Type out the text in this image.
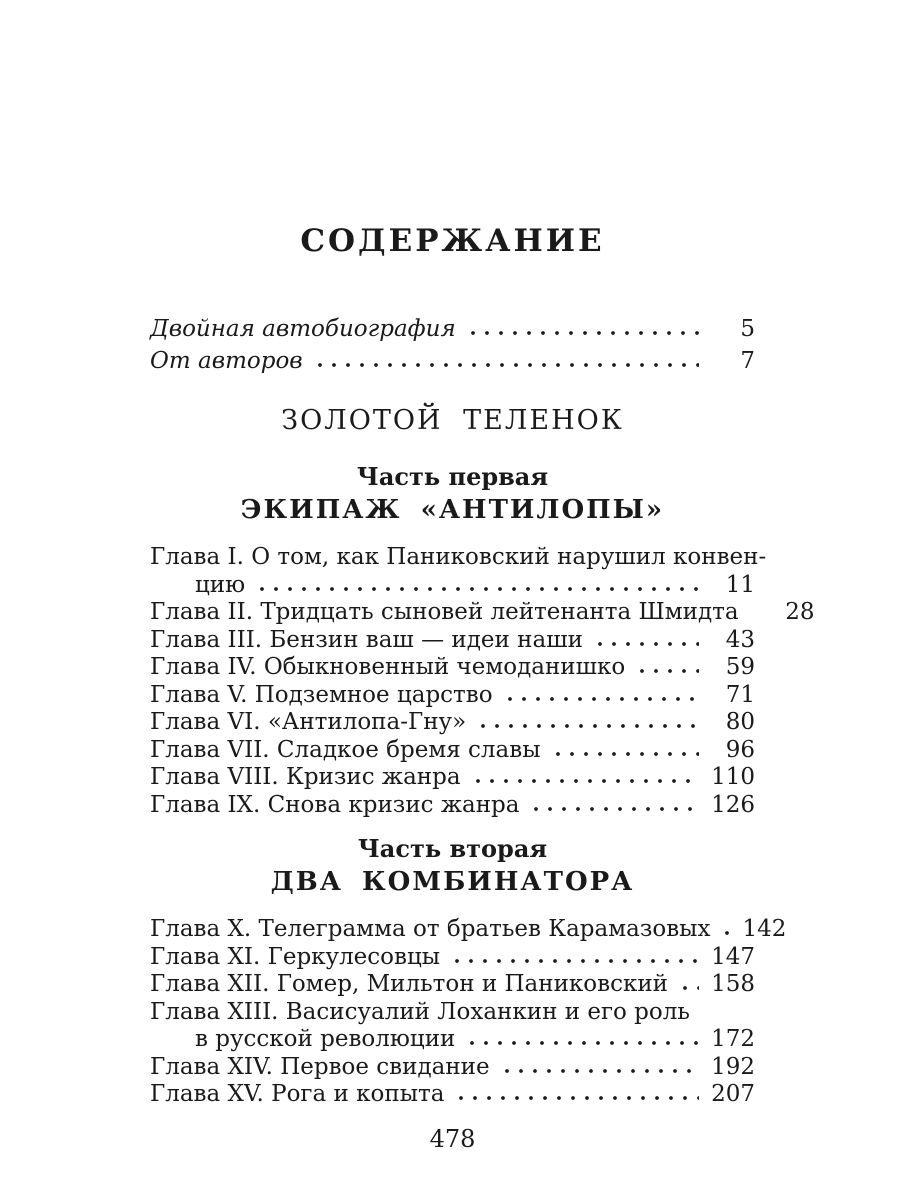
СОДЕРЖАНИЕ
Двойная автобиография	5
От авторов	7
ЗОЛОТОЙ ТЕЛЕНОК
Часть первая
ЭКИПАЖ «АНТИЛОПЫ»
Глава I. О том, как Паниковский нарушил конвен-
цию	11
Глава II. Тридцать сыновей лейтенанта Шмидта	28
Глава III. Бензин ваш — идеи наши	43
Глава IV. Обыкновенный чемоданишко	59
Глава V. Подземное царство	71
Глава VI. «Антилопа-Гну»	80
Глава VII. Сладкое бремя славы	96
Глава VIII. Кризис жанра	110
Глава IX. Снова кризис жанра	126
Часть вторая
ДВА КОМБИНАТОРА
Глава X. Телеграмма от братьев Карамазовых 142
Глава XI. Геркулесовцы	147
Глава XII. Гомер, Мильтон и Паниковский 158
Глава XIII. Васисуалий Лоханкин и его роль
в русской революции	172
Глава XIV. Первое свидание	192
Глава XV. Рога и копыта	207
478
